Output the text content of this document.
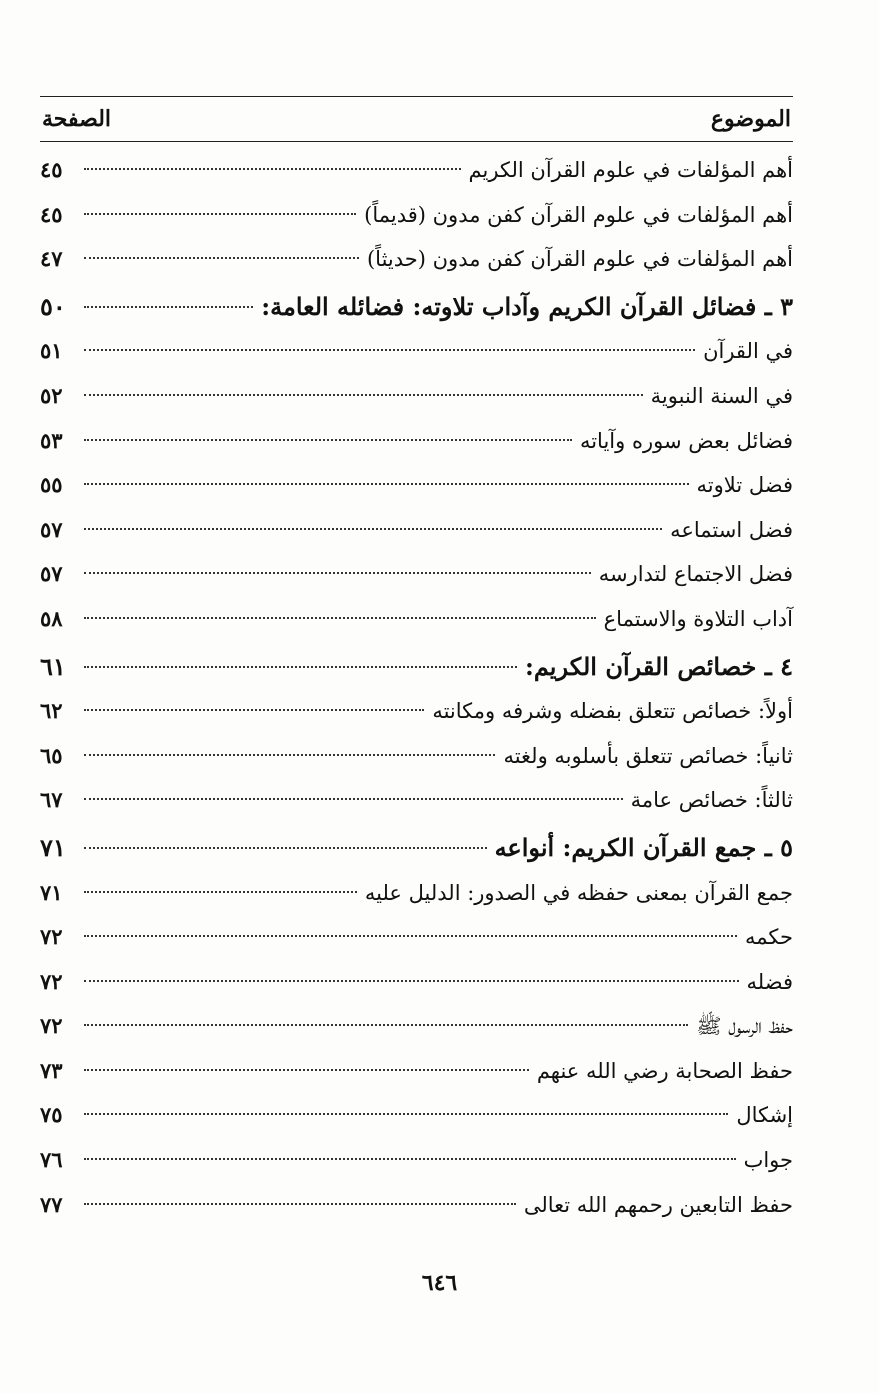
الموضوع
الصفحة
أهم المؤلفات في علوم القرآن الكريم
٤٥
أهم المؤلفات في علوم القرآن كفن مدون (قديماً)
٤٥
أهم المؤلفات في علوم القرآن كفن مدون (حديثاً)
٤٧
٣ ـ فضائل القرآن الكريم وآداب تلاوته: فضائله العامة:
٥٠
في القرآن
٥١
في السنة النبوية
٥٢
فضائل بعض سوره وآياته
٥٣
فضل تلاوته
٥٥
فضل استماعه
٥٧
فضل الاجتماع لتدارسه
٥٧
آداب التلاوة والاستماع
٥٨
٤ ـ خصائص القرآن الكريم:
٦١
أولاً: خصائص تتعلق بفضله وشرفه ومكانته
٦٢
ثانياً: خصائص تتعلق بأسلوبه ولغته
٦٥
ثالثاً: خصائص عامة
٦٧
٥ ـ جمع القرآن الكريم: أنواعه
٧١
جمع القرآن بمعنى حفظه في الصدور: الدليل عليه
٧١
حكمه
٧٢
فضله
٧٢
حفظ الرسول ﷺ
٧٢
حفظ الصحابة رضي الله عنهم
٧٣
إشكال
٧٥
جواب
٧٦
حفظ التابعين رحمهم الله تعالى
٧٧
٦٤٦
